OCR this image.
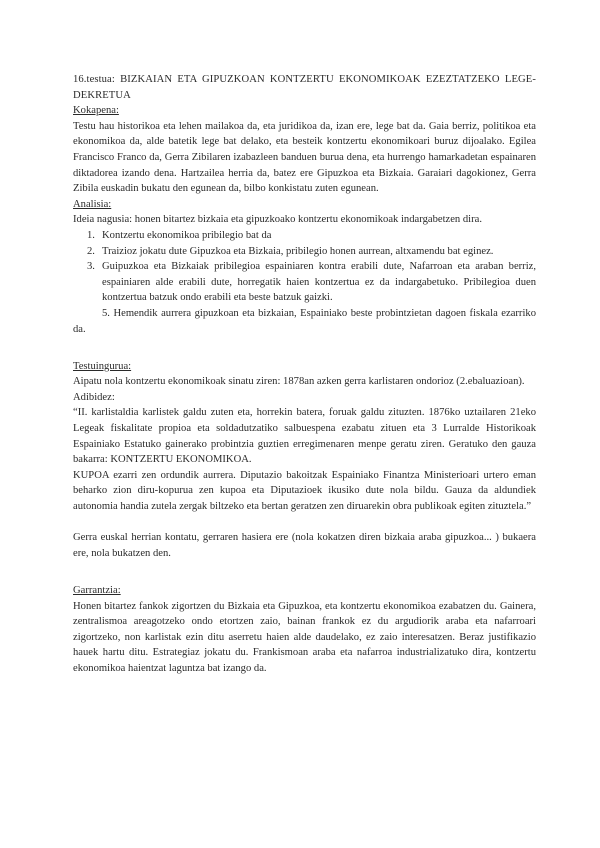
16.testua: BIZKAIAN ETA GIPUZKOAN KONTZERTU EKONOMIKOAK EZEZTATZEKO LEGE-DEKRETUA

Kokapena:

Testu hau historikoa eta lehen mailakoa da, eta juridikoa da, izan ere, lege bat da. Gaia berriz, politikoa eta ekonomikoa da, alde batetik lege bat delako, eta besteik kontzertu ekonomikoari buruz dijoalako. Egilea Francisco Franco da, Gerra Zibilaren izabazleen banduen burua dena, eta hurrengo hamarkadetan espainaren diktadorea izando dena. Hartzailea herria da, batez ere Gipuzkoa eta Bizkaia. Garaiari dagokionez, Gerra Zibila euskadin bukatu den egunean da, bilbo konkistatu zuten egunean.

Analisia:

Ideia nagusia: honen bitartez bizkaia eta gipuzkoako kontzertu ekonomikoak indargabetzen dira.

1. Kontzertu ekonomikoa pribilegio bat da
2. Traizioz jokatu dute Gipuzkoa eta Bizkaia, pribilegio honen aurrean, altxamendu bat eginez.
3. Guipuzkoa eta Bizkaiak pribilegioa espainiaren kontra erabili dute, Nafarroan eta araban berriz, espainiaren alde erabili dute, horregatik haien kontzertua ez da indargabetuko. Pribilegioa duen kontzertua batzuk ondo erabili eta beste batzuk gaizki.

5. Hemendik aurrera gipuzkoan eta bizkaian, Espainiako beste probintzietan dagoen fiskala ezarriko da.

Testuingurua:

Aipatu nola kontzertu ekonomikoak sinatu ziren: 1878an azken gerra karlistaren ondorioz (2.ebaluazioan).

Adibidez:

“II. karlistaldia karlistek galdu zuten eta, horrekin batera, foruak galdu zituzten. 1876ko uztailaren 21eko Legeak fiskalitate propioa eta soldadutzatiko salbuespena ezabatu zituen eta 3 Lurralde Historikoak Espainiako Estatuko gainerako probintzia guztien erregimenaren menpe geratu ziren. Geratuko den gauza bakarra: KONTZERTU EKONOMIKOA.

KUPOA ezarri zen ordundik aurrera. Diputazio bakoitzak Espainiako Finantza Ministerioari urtero eman beharko zion diru-kopurua zen kupoa eta Diputazioek ikusiko dute nola bildu. Gauza da aldundiek autonomia handia zutela zergak biltzeko eta bertan geratzen zen diruarekin obra publikoak egiten zituztela.”

Gerra euskal herrian kontatu, gerraren hasiera ere (nola kokatzen diren bizkaia araba gipuzkoa... ) bukaera ere, nola bukatzen den.

Garrantzia:

Honen bitartez fankok zigortzen du Bizkaia eta Gipuzkoa, eta kontzertu ekonomikoa ezabatzen du. Gainera, zentralismoa areagotzeko ondo etortzen zaio, bainan frankok ez du argudiorik araba eta nafarroari zigortzeko, non karlistak ezin ditu aserretu haien alde daudelako, ez zaio interesatzen. Beraz justifikazio hauek hartu ditu. Estrategiaz jokatu du. Frankismoan araba eta nafarroa industrializatuko dira, kontzertu ekonomikoa haientzat laguntza bat izango da.
